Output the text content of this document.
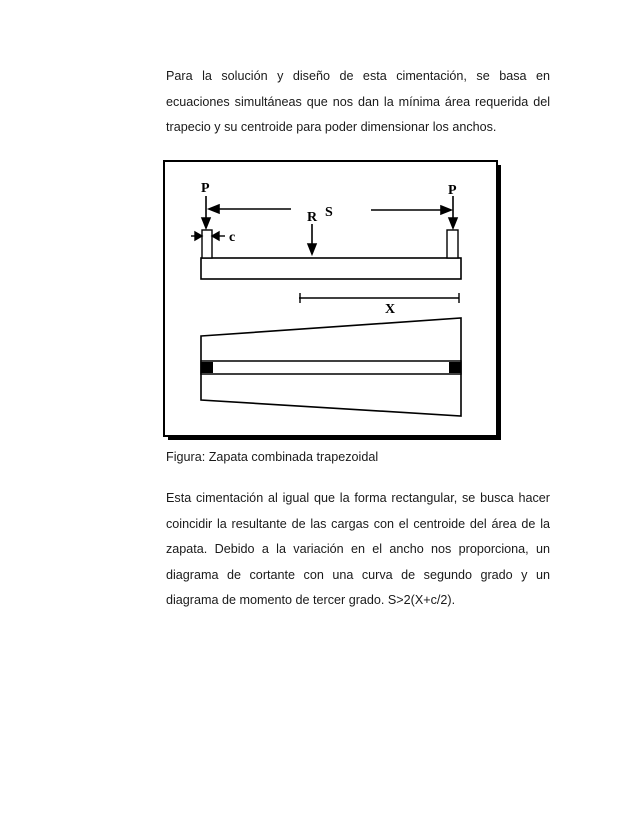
Para la solución y diseño de esta cimentación, se basa en
ecuaciones simultáneas que nos dan la mínima área requerida del
trapecio y su centroide para poder dimensionar los anchos.
P	P
R S
c
X
Figura: Zapata combinada trapezoidal
Esta cimentación al igual que la forma rectangular, se busca hacer
coincidir la resultante de las cargas con el centroide del área de la
zapata. Debido a la variación en el ancho nos proporciona, un
diagrama de cortante con una curva de segundo grado y un
diagrama de momento de tercer grado. S>2(X+c/2).
